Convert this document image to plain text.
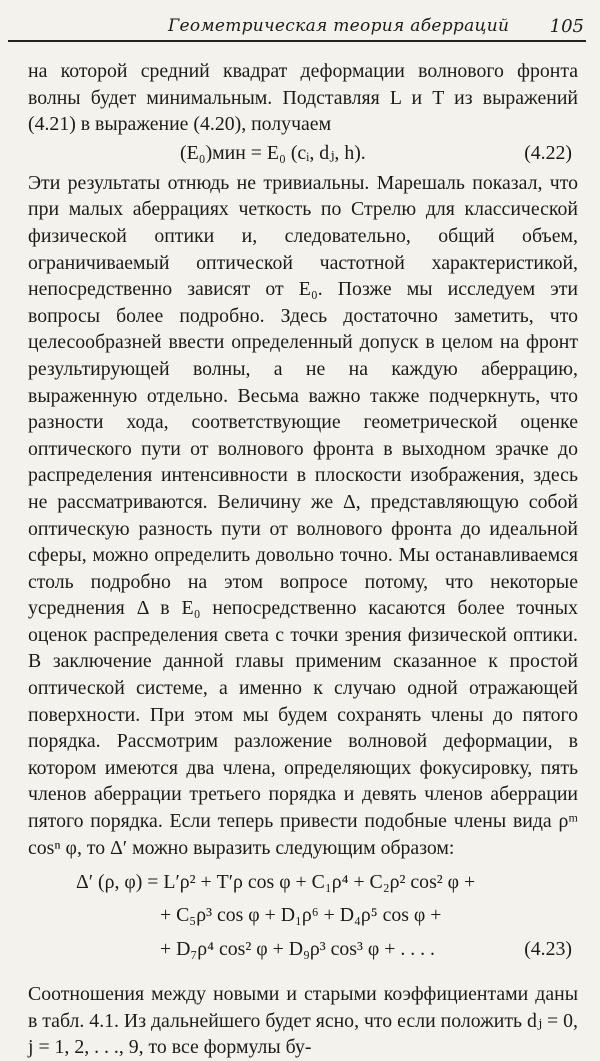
Геометрическая теория аберраций 105

на которой средний квадрат деформации волнового фронта волны будет минимальным. Подставляя L и T из выражений (4.21) в выражение (4.20), получаем

(E₀)мин = E₀ (cᵢ, dⱼ, h).	(4.22)

Эти результаты отнюдь не тривиальны. Марешаль показал, что при малых аберрациях четкость по Стрелю для классической физической оптики и, следовательно, общий объем, ограничиваемый оптической частотной характеристикой, непосредственно зависят от E₀. Позже мы исследуем эти вопросы более подробно. Здесь достаточно заметить, что целесообразней ввести определенный допуск в целом на фронт результирующей волны, а не на каждую аберрацию, выраженную отдельно. Весьма важно также подчеркнуть, что разности хода, соответствующие геометрической оценке оптического пути от волнового фронта в выходном зрачке до распределения интенсивности в плоскости изображения, здесь не рассматриваются. Величину же Δ, представляющую собой оптическую разность пути от волнового фронта до идеальной сферы, можно определить довольно точно. Мы останавливаемся столь подробно на этом вопросе потому, что некоторые усреднения Δ в E₀ непосредственно касаются более точных оценок распределения света с точки зрения физической оптики. В заключение данной главы применим сказанное к простой оптической системе, а именно к случаю одной отражающей поверхности. При этом мы будем сохранять члены до пятого порядка. Рассмотрим разложение волновой деформации, в котором имеются два члена, определяющих фокусировку, пять членов аберрации третьего порядка и девять членов аберрации пятого порядка. Если теперь привести подобные члены вида ρᵐ cosⁿ φ, то Δ′ можно выразить следующим образом:

Δ′ (ρ, φ) = L′ρ² + T′ρ cos φ + C₁ρ⁴ + C₂ρ² cos² φ +
+ C₅ρ³ cos φ + D₁ρ⁶ + D₄ρ⁵ cos φ +
+ D₇ρ⁴ cos² φ + D₉ρ³ cos³ φ + . . . .	(4.23)

Соотношения между новыми и старыми коэффициентами даны в табл. 4.1. Из дальнейшего будет ясно, что если положить dⱼ = 0, j = 1, 2, . . ., 9, то все формулы бу-
